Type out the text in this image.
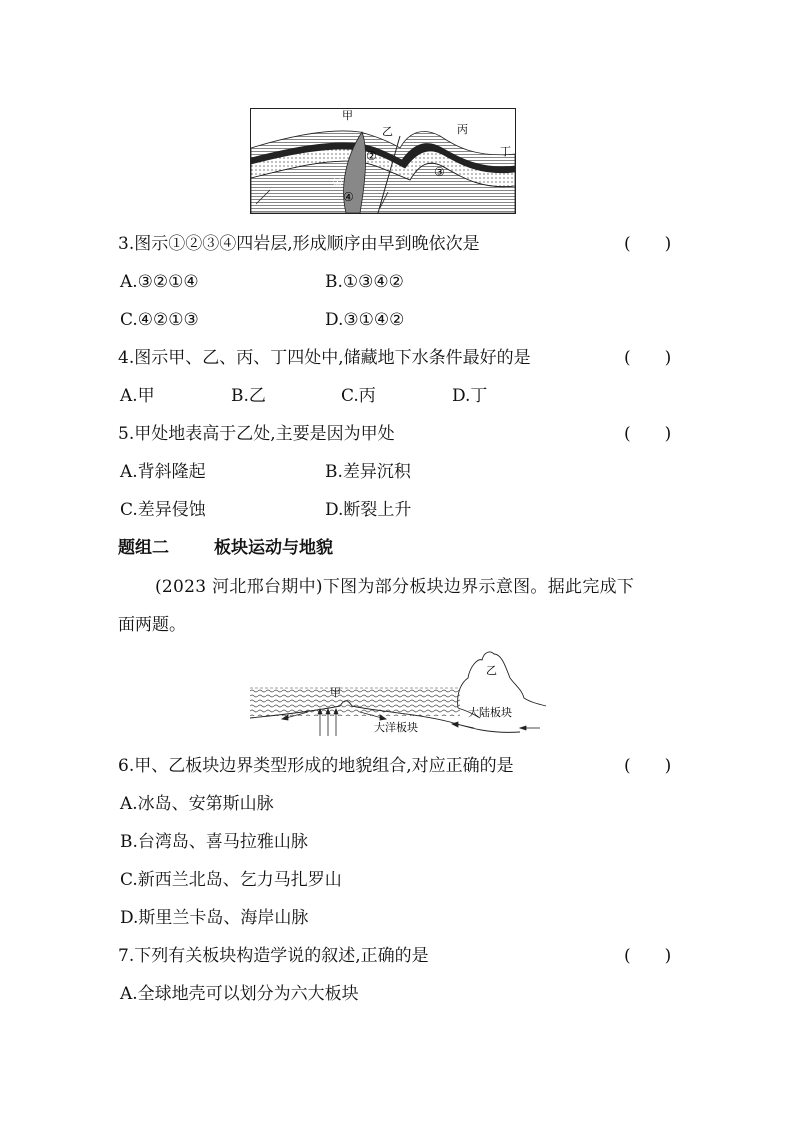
甲
乙	丙
丁
①
②
③
④
3.图示①②③④四岩层,形成顺序由早到晚依次是	(　　)
A.③②①④	B.①③④②
C.④②①③	D.③①④②
4.图示甲、乙、丙、丁四处中,储藏地下水条件最好的是	(　　)
A.甲	B.乙	C.丙	D.丁
5.甲处地表高于乙处,主要是因为甲处	(　　)
A.背斜隆起	B.差异沉积
C.差异侵蚀	D.断裂上升
题组二	板块运动与地貌
(2023 河北邢台期中)下图为部分板块边界示意图。据此完成下
面两题。
甲
乙
大洋板块
大陆板块
6.甲、乙板块边界类型形成的地貌组合,对应正确的是	(　　)
A.冰岛、安第斯山脉
B.台湾岛、喜马拉雅山脉
C.新西兰北岛、乞力马扎罗山
D.斯里兰卡岛、海岸山脉
7.下列有关板块构造学说的叙述,正确的是	(　　)
A.全球地壳可以划分为六大板块
